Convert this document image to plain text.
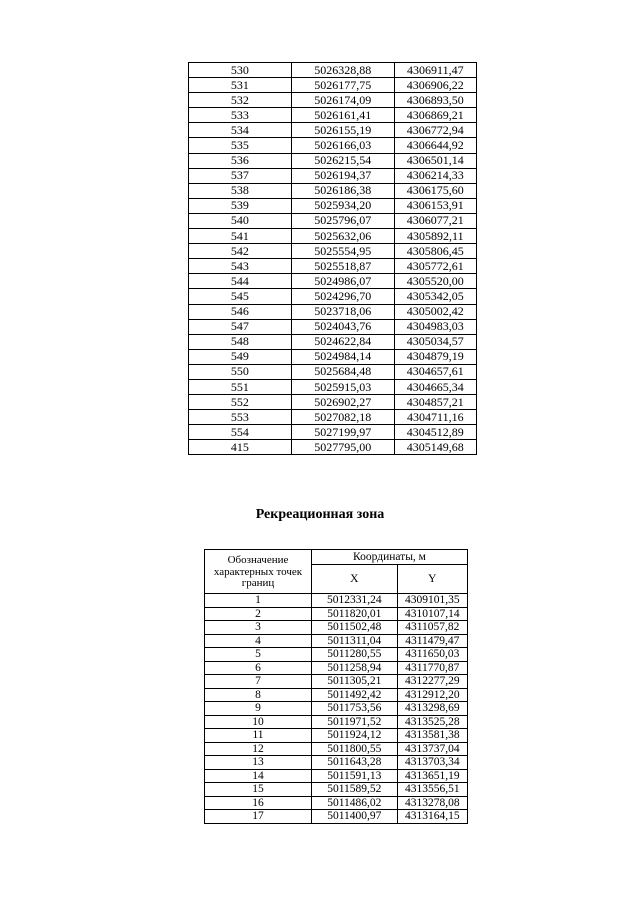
530	5026328,88	4306911,47
531	5026177,75	4306906,22
532	5026174,09	4306893,50
533	5026161,41	4306869,21
534	5026155,19	4306772,94
535	5026166,03	4306644,92
536	5026215,54	4306501,14
537	5026194,37	4306214,33
538	5026186,38	4306175,60
539	5025934,20	4306153,91
540	5025796,07	4306077,21
541	5025632,06	4305892,11
542	5025554,95	4305806,45
543	5025518,87	4305772,61
544	5024986,07	4305520,00
545	5024296,70	4305342,05
546	5023718,06	4305002,42
547	5024043,76	4304983,03
548	5024622,84	4305034,57
549	5024984,14	4304879,19
550	5025684,48	4304657,61
551	5025915,03	4304665,34
552	5026902,27	4304857,21
553	5027082,18	4304711,16
554	5027199,97	4304512,89
415	5027795,00	4305149,68
Рекреационная зона
Обозначение характерных точек границ	Координаты, м	
	X	Y
1	5012331,24	4309101,35
2	5011820,01	4310107,14
3	5011502,48	4311057,82
4	5011311,04	4311479,47
5	5011280,55	4311650,03
6	5011258,94	4311770,87
7	5011305,21	4312277,29
8	5011492,42	4312912,20
9	5011753,56	4313298,69
10	5011971,52	4313525,28
11	5011924,12	4313581,38
12	5011800,55	4313737,04
13	5011643,28	4313703,34
14	5011591,13	4313651,19
15	5011589,52	4313556,51
16	5011486,02	4313278,08
17	5011400,97	4313164,15
